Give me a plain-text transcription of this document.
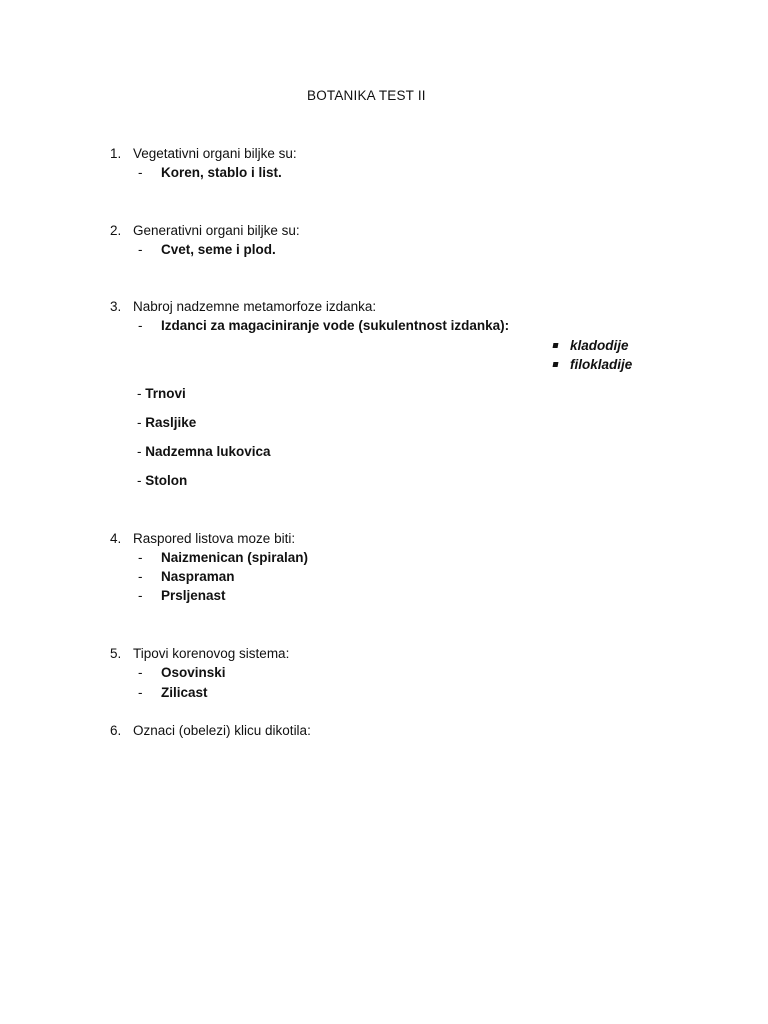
BOTANIKA TEST II
1. Vegetativni organi biljke su:
- Koren, stablo i list.
2. Generativni organi biljke su:
- Cvet, seme i plod.
3. Nabroj nadzemne metamorfoze izdanka:
- Izdanci za magaciniranje vode (sukulentnost izdanka):
kladodije
filokladije
- Trnovi
- Rasljike
- Nadzemna lukovica
- Stolon
4. Raspored listova moze biti:
- Naizmenican (spiralan)
- Naspraman
- Prsljenast
5. Tipovi korenovog sistema:
- Osovinski
- Zilicast
6. Oznaci (obelezi) klicu dikotila:
